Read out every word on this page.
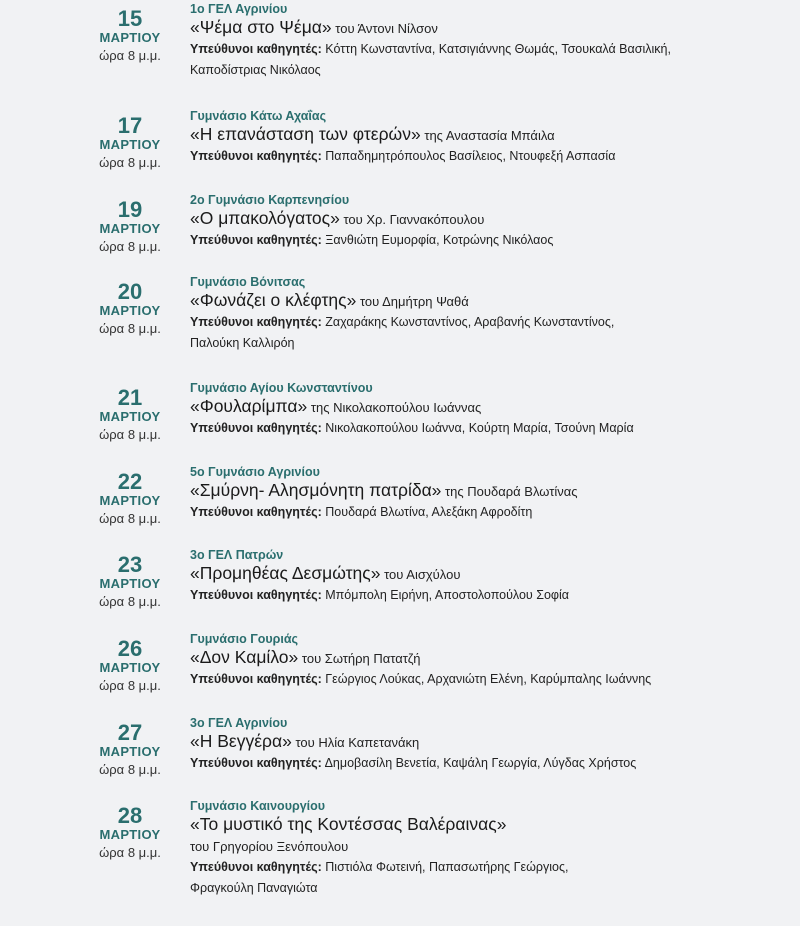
15
ΜΑΡΤΙΟΥ
ώρα 8 μ.μ.
1ο ΓΕΛ Αγρινίου
«Ψέμα στο Ψέμα» του Άντονι Νίλσον
Υπεύθυνοι καθηγητές: Κόττη Κωνσταντίνα, Κατσιγιάννης Θωμάς, Τσουκαλά Βασιλική,
Καποδίστριας Νικόλαος
17
ΜΑΡΤΙΟΥ
ώρα 8 μ.μ.
Γυμνάσιο Κάτω Αχαΐας
«Η επανάσταση των φτερών» της Αναστασία Μπάιλα
Υπεύθυνοι καθηγητές: Παπαδημητρόπουλος Βασίλειος, Ντουφεξή Ασπασία
19
ΜΑΡΤΙΟΥ
ώρα 8 μ.μ.
2ο Γυμνάσιο Καρπενησίου
«Ο μπακολόγατος» του Χρ. Γιαννακόπουλου
Υπεύθυνοι καθηγητές: Ξανθιώτη Ευμορφία, Κοτρώνης Νικόλαος
20
ΜΑΡΤΙΟΥ
ώρα 8 μ.μ.
Γυμνάσιο Βόνιτσας
«Φωνάζει ο κλέφτης» του Δημήτρη Ψαθά
Υπεύθυνοι καθηγητές: Ζαχαράκης Κωνσταντίνος, Αραβανής Κωνσταντίνος,
Παλούκη Καλλιρόη
21
ΜΑΡΤΙΟΥ
ώρα 8 μ.μ.
Γυμνάσιο Αγίου Κωνσταντίνου
«Φουλαρίμπα» της Νικολακοπούλου Ιωάννας
Υπεύθυνοι καθηγητές: Νικολακοπούλου Ιωάννα, Κούρτη Μαρία, Τσούνη Μαρία
22
ΜΑΡΤΙΟΥ
ώρα 8 μ.μ.
5ο Γυμνάσιο Αγρινίου
«Σμύρνη- Αλησμόνητη πατρίδα» της Πουδαρά Βλωτίνας
Υπεύθυνοι καθηγητές: Πουδαρά Βλωτίνα, Αλεξάκη Αφροδίτη
23
ΜΑΡΤΙΟΥ
ώρα 8 μ.μ.
3ο ΓΕΛ Πατρών
«Προμηθέας Δεσμώτης» του Αισχύλου
Υπεύθυνοι καθηγητές: Μπόμπολη Ειρήνη, Αποστολοπούλου Σοφία
26
ΜΑΡΤΙΟΥ
ώρα 8 μ.μ.
Γυμνάσιο Γουριάς
«Δον Καμίλο» του Σωτήρη Πατατζή
Υπεύθυνοι καθηγητές: Γεώργιος Λούκας, Αρχανιώτη Ελένη, Καρύμπαλης Ιωάννης
27
ΜΑΡΤΙΟΥ
ώρα 8 μ.μ.
3ο ΓΕΛ Αγρινίου
«Η Βεγγέρα» του Ηλία Καπετανάκη
Υπεύθυνοι καθηγητές: Δημοβασίλη Βενετία, Καψάλη Γεωργία, Λύγδας Χρήστος
28
ΜΑΡΤΙΟΥ
ώρα 8 μ.μ.
Γυμνάσιο Καινουργίου
«Το μυστικό της Κοντέσσας Βαλέραινας»
του Γρηγορίου Ξενόπουλου
Υπεύθυνοι καθηγητές: Πιστιόλα Φωτεινή, Παπασωτήρης Γεώργιος,
Φραγκούλη Παναγιώτα
